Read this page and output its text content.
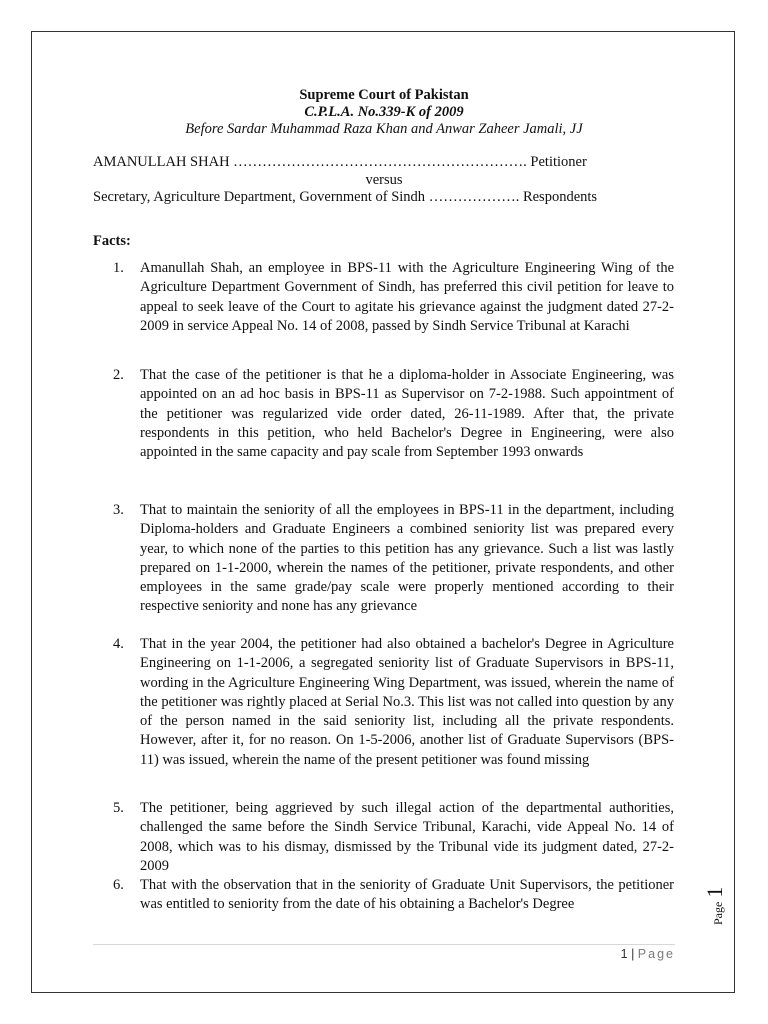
Supreme Court of Pakistan
C.P.L.A. No.339-K of 2009
Before Sardar Muhammad Raza Khan and Anwar Zaheer Jamali, JJ
AMANULLAH SHAH ……………………………………………………. Petitioner
versus
Secretary, Agriculture Department, Government of Sindh ………………. Respondents
Facts:
1.	Amanullah Shah, an employee in BPS-11 with the Agriculture Engineering Wing of the Agriculture Department Government of Sindh, has preferred this civil petition for leave to appeal to seek leave of the Court to agitate his grievance against the judgment dated 27-2-2009 in service Appeal No. 14 of 2008, passed by Sindh Service Tribunal at Karachi
2.	That the case of the petitioner is that he a diploma-holder in Associate Engineering, was appointed on an ad hoc basis in BPS-11 as Supervisor on 7-2-1988. Such appointment of the petitioner was regularized vide order dated, 26-11-1989. After that, the private respondents in this petition, who held Bachelor's Degree in Engineering, were also appointed in the same capacity and pay scale from September 1993 onwards
3.	That to maintain the seniority of all the employees in BPS-11 in the department, including Diploma-holders and Graduate Engineers a combined seniority list was prepared every year, to which none of the parties to this petition has any grievance. Such a list was lastly prepared on 1-1-2000, wherein the names of the petitioner, private respondents, and other employees in the same grade/pay scale were properly mentioned according to their respective seniority and none has any grievance
4.	That in the year 2004, the petitioner had also obtained a bachelor's Degree in Agriculture Engineering on 1-1-2006, a segregated seniority list of Graduate Supervisors in BPS-11, wording in the Agriculture Engineering Wing Department, was issued, wherein the name of the petitioner was rightly placed at Serial No.3. This list was not called into question by any of the person named in the said seniority list, including all the private respondents. However, after it, for no reason. On 1-5-2006, another list of Graduate Supervisors (BPS-11) was issued, wherein the name of the present petitioner was found missing
5.	The petitioner, being aggrieved by such illegal action of the departmental authorities, challenged the same before the Sindh Service Tribunal, Karachi, vide Appeal No. 14 of 2008, which was to his dismay, dismissed by the Tribunal vide its judgment dated, 27-2-2009
6.	That with the observation that in the seniority of Graduate Unit Supervisors, the petitioner was entitled to seniority from the date of his obtaining a Bachelor's Degree	Page 1
1 | Page
